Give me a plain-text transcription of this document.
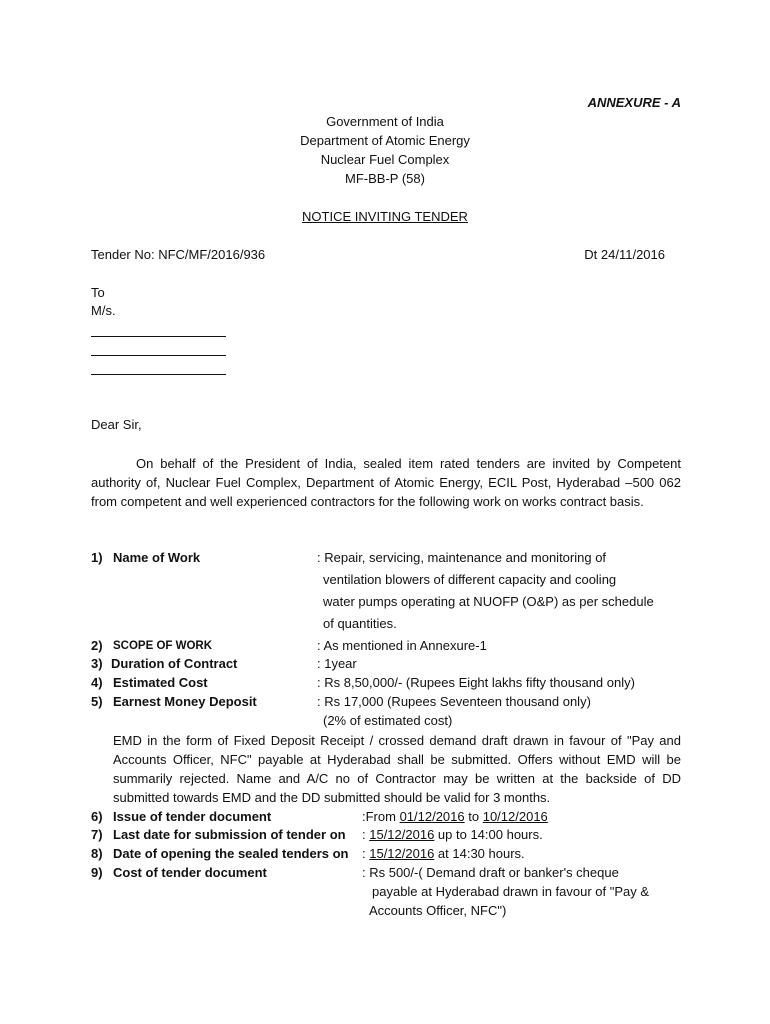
ANNEXURE - A
Government of India
Department of Atomic Energy
Nuclear Fuel Complex
MF-BB-P (58)
NOTICE INVITING TENDER
Tender No: NFC/MF/2016/936	Dt 24/11/2016
To
M/s.
Dear Sir,
On behalf of the President of India, sealed item rated tenders are invited by Competent authority of, Nuclear Fuel Complex, Department of Atomic Energy, ECIL Post, Hyderabad –500 062 from competent and well experienced contractors for the following work on works contract basis.
1) Name of Work	: Repair, servicing, maintenance and monitoring of
ventilation blowers of different capacity and cooling
water pumps operating at NUOFP (O&P) as per schedule
of quantities.
2) SCOPE OF WORK	: As mentioned in Annexure-1
3) Duration of Contract	: 1year
4) Estimated Cost	: Rs 8,50,000/- (Rupees Eight lakhs fifty thousand only)
5) Earnest Money Deposit	: Rs 17,000 (Rupees Seventeen thousand only)
(2% of estimated cost)
EMD in the form of Fixed Deposit Receipt / crossed demand draft drawn in favour of "Pay and Accounts Officer, NFC" payable at Hyderabad shall be submitted. Offers without EMD will be summarily rejected. Name and A/C no of Contractor may be written at the backside of DD submitted towards EMD and the DD submitted should be valid for 3 months.
6) Issue of tender document	:From 01/12/2016 to 10/12/2016
7) Last date for submission of tender on : 15/12/2016 up to 14:00 hours.
8) Date of opening the sealed tenders on : 15/12/2016 at 14:30 hours.
9) Cost of tender document	: Rs 500/-( Demand draft or banker's cheque
payable at Hyderabad drawn in favour of "Pay &
Accounts Officer, NFC")
